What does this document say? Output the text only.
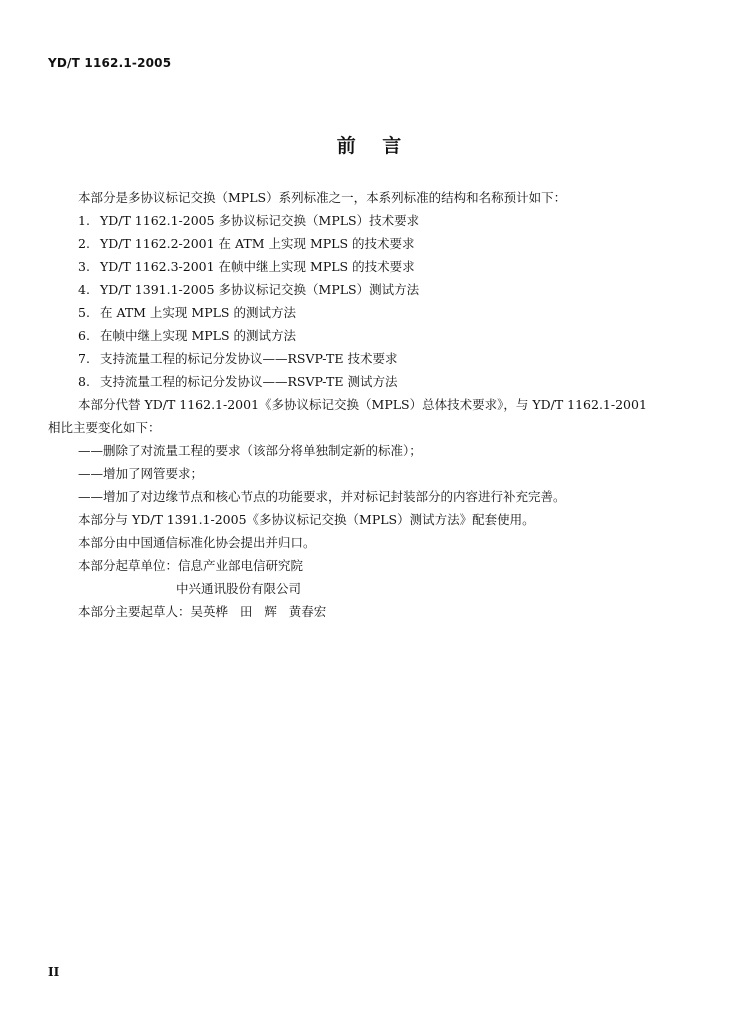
YD/T 1162.1-2005
前    言
本部分是多协议标记交换（MPLS）系列标准之一，本系列标准的结构和名称预计如下：
1. YD/T 1162.1-2005 多协议标记交换（MPLS）技术要求
2. YD/T 1162.2-2001 在 ATM 上实现 MPLS 的技术要求
3. YD/T 1162.3-2001 在帧中继上实现 MPLS 的技术要求
4. YD/T 1391.1-2005 多协议标记交换（MPLS）测试方法
5. 在 ATM 上实现 MPLS 的测试方法
6. 在帧中继上实现 MPLS 的测试方法
7. 支持流量工程的标记分发协议——RSVP-TE 技术要求
8. 支持流量工程的标记分发协议——RSVP-TE 测试方法
本部分代替 YD/T 1162.1-2001《多协议标记交换（MPLS）总体技术要求》，与 YD/T 1162.1-2001
相比主要变化如下：
——删除了对流量工程的要求（该部分将单独制定新的标准）；
——增加了网管要求；
——增加了对边缘节点和核心节点的功能要求，并对标记封装部分的内容进行补充完善。
本部分与 YD/T 1391.1-2005《多协议标记交换（MPLS）测试方法》配套使用。
本部分由中国通信标准化协会提出并归口。
本部分起草单位：信息产业部电信研究院
中兴通讯股份有限公司
本部分主要起草人：吴英桦   田   辉   黄春宏
II
